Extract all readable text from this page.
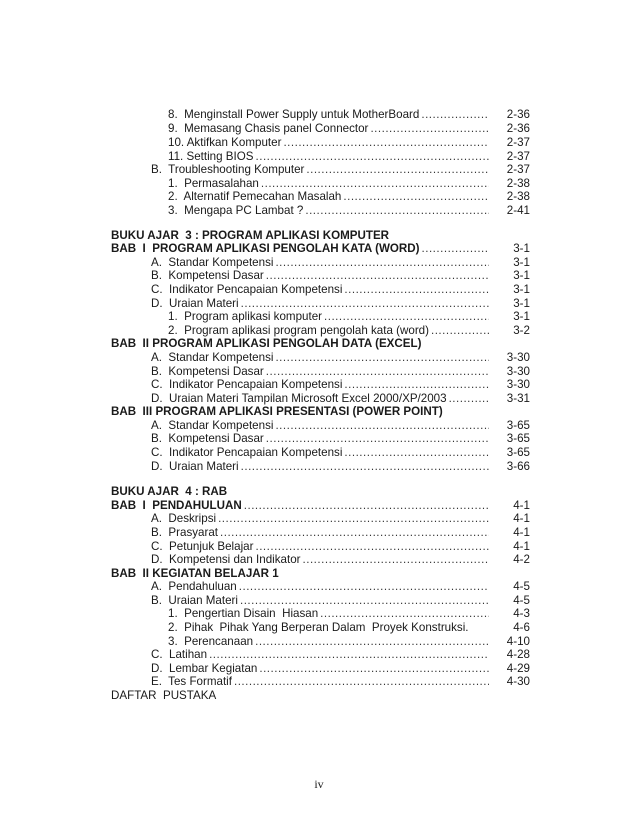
8.  Menginstall Power Supply untuk MotherBoard .....	2-36
9.  Memasang Chasis panel Connector .....	2-36
10. Aktifkan Komputer .....	2-37
11. Setting BIOS .....	2-37
B.  Troubleshooting Komputer .....	2-37
1.  Permasalahan .....	2-38
2.  Alternatif Pemecahan Masalah .....	2-38
3.  Mengapa PC Lambat ? .....	2-41
BUKU AJAR  3 : PROGRAM APLIKASI KOMPUTER
BAB  I  PROGRAM APLIKASI PENGOLAH KATA (WORD) .....	3-1
A.  Standar Kompetensi .....	3-1
B.  Kompetensi Dasar .....	3-1
C.  Indikator Pencapaian Kompetensi .....	3-1
D.  Uraian Materi .....	3-1
1.  Program aplikasi komputer .....	3-1
2.  Program aplikasi program pengolah kata (word) .....	3-2
BAB  II PROGRAM APLIKASI PENGOLAH DATA (EXCEL)
A.  Standar Kompetensi .....	3-30
B.  Kompetensi Dasar .....	3-30
C.  Indikator Pencapaian Kompetensi .....	3-30
D.  Uraian Materi Tampilan Microsoft Excel 2000/XP/2003 .....	3-31
BAB  III PROGRAM APLIKASI PRESENTASI (POWER POINT)
A.  Standar Kompetensi .....	3-65
B.  Kompetensi Dasar .....	3-65
C.  Indikator Pencapaian Kompetensi .....	3-65
D.  Uraian Materi .....	3-66
BUKU AJAR  4 : RAB
BAB  I  PENDAHULUAN .....	4-1
A.  Deskripsi .....	4-1
B.  Prasyarat .....	4-1
C.  Petunjuk Belajar .....	4-1
D.  Kompetensi dan Indikator .....	4-2
BAB  II KEGIATAN BELAJAR 1
A.  Pendahuluan .....	4-5
B.  Uraian Materi .....	4-5
1.  Pengertian Disain  Hiasan .....	4-3
2.  Pihak  Pihak Yang Berperan Dalam  Proyek Konstruksi.	4-6
3.  Perencanaan .....	4-10
C.  Latihan .....	4-28
D.  Lembar Kegiatan .....	4-29
E.  Tes Formatif .....	4-30
DAFTAR  PUSTAKA
iv
